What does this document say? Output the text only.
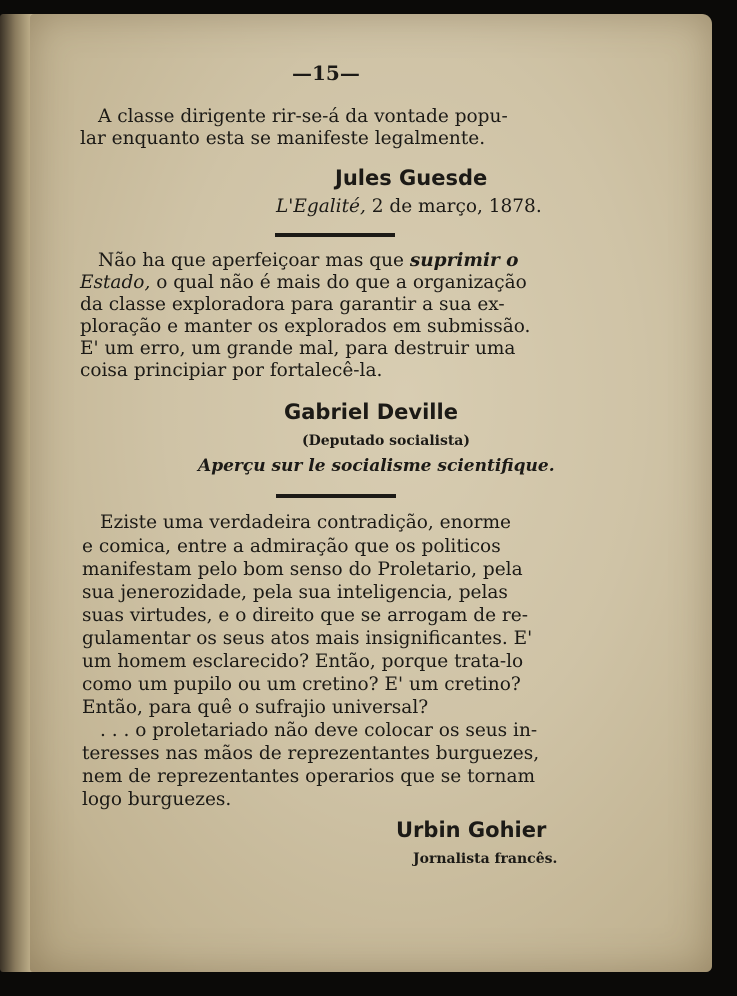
—15—
A classe dirigente rir-se-á da vontade popu-
lar enquanto esta se manifeste legalmente.
Jules Guesde
L'Egalité, 2 de março, 1878.
Não ha que aperfeiçoar mas que suprimir o
Estado, o qual não é mais do que a organização
da classe exploradora para garantir a sua ex-
ploração e manter os explorados em submissão.
E' um erro, um grande mal, para destruir uma
coisa principiar por fortalecê-la.
Gabriel Deville
(Deputado socialista)
Aperçu sur le socialisme scientifique.
Eziste uma verdadeira contradição, enorme
e comica, entre a admiração que os politicos
manifestam pelo bom senso do Proletario, pela
sua jenerozidade, pela sua inteligencia, pelas
suas virtudes, e o direito que se arrogam de re-
gulamentar os seus atos mais insignificantes. E'
um homem esclarecido? Então, porque trata-lo
como um pupilo ou um cretino? E' um cretino?
Então, para quê o sufrajio universal?
. . . o proletariado não deve colocar os seus in-
teresses nas mãos de reprezentantes burguezes,
nem de reprezentantes operarios que se tornam
logo burguezes.
Urbin Gohier
Jornalista francês.
